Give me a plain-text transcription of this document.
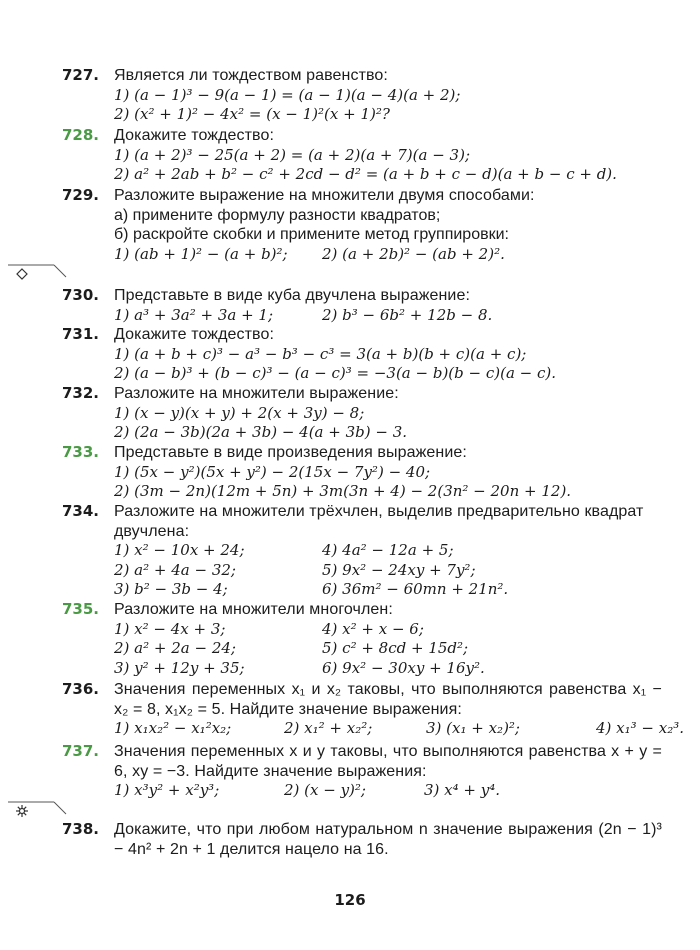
727. Является ли тождеством равенство:
1) (a − 1)³ − 9(a − 1) = (a − 1)(a − 4)(a + 2);
2) (x² + 1)² − 4x² = (x − 1)²(x + 1)²?
728. Докажите тождество:
1) (a + 2)³ − 25(a + 2) = (a + 2)(a + 7)(a − 3);
2) a² + 2ab + b² − c² + 2cd − d² = (a + b + c − d)(a + b − c + d).
729. Разложите выражение на множители двумя способами:
а) примените формулу разности квадратов;
б) раскройте скобки и примените метод группировки:
1) (ab + 1)² − (a + b)²;	2) (a + 2b)² − (ab + 2)².
730. Представьте в виде куба двучлена выражение:
1) a³ + 3a² + 3a + 1;	2) b³ − 6b² + 12b − 8.
731. Докажите тождество:
1) (a + b + c)³ − a³ − b³ − c³ = 3(a + b)(b + c)(a + c);
2) (a − b)³ + (b − c)³ − (a − c)³ = −3(a − b)(b − c)(a − c).
732. Разложите на множители выражение:
1) (x − y)(x + y) + 2(x + 3y) − 8;
2) (2a − 3b)(2a + 3b) − 4(a + 3b) − 3.
733. Представьте в виде произведения выражение:
1) (5x − y²)(5x + y²) − 2(15x − 7y²) − 40;
2) (3m − 2n)(12m + 5n) + 3m(3n + 4) − 2(3n² − 20n + 12).
734. Разложите на множители трёхчлен, выделив предварительно квадрат двучлена:
1) x² − 10x + 24;	4) 4a² − 12a + 5;
2) a² + 4a − 32;	5) 9x² − 24xy + 7y²;
3) b² − 3b − 4;	6) 36m² − 60mn + 21n².
735. Разложите на множители многочлен:
1) x² − 4x + 3;	4) x² + x − 6;
2) a² + 2a − 24;	5) c² + 8cd + 15d²;
3) y² + 12y + 35;	6) 9x² − 30xy + 16y².
736. Значения переменных x₁ и x₂ таковы, что выполняются равенства x₁ − x₂ = 8, x₁x₂ = 5. Найдите значение выражения:
1) x₁x₂² − x₁²x₂;	2) x₁² + x₂²;	3) (x₁ + x₂)²;	4) x₁³ − x₂³.
737. Значения переменных x и y таковы, что выполняются равенства x + y = 6, xy = −3. Найдите значение выражения:
1) x³y² + x²y³;	2) (x − y)²;	3) x⁴ + y⁴.
738. Докажите, что при любом натуральном n значение выражения (2n − 1)³ − 4n² + 2n + 1 делится нацело на 16.
126
